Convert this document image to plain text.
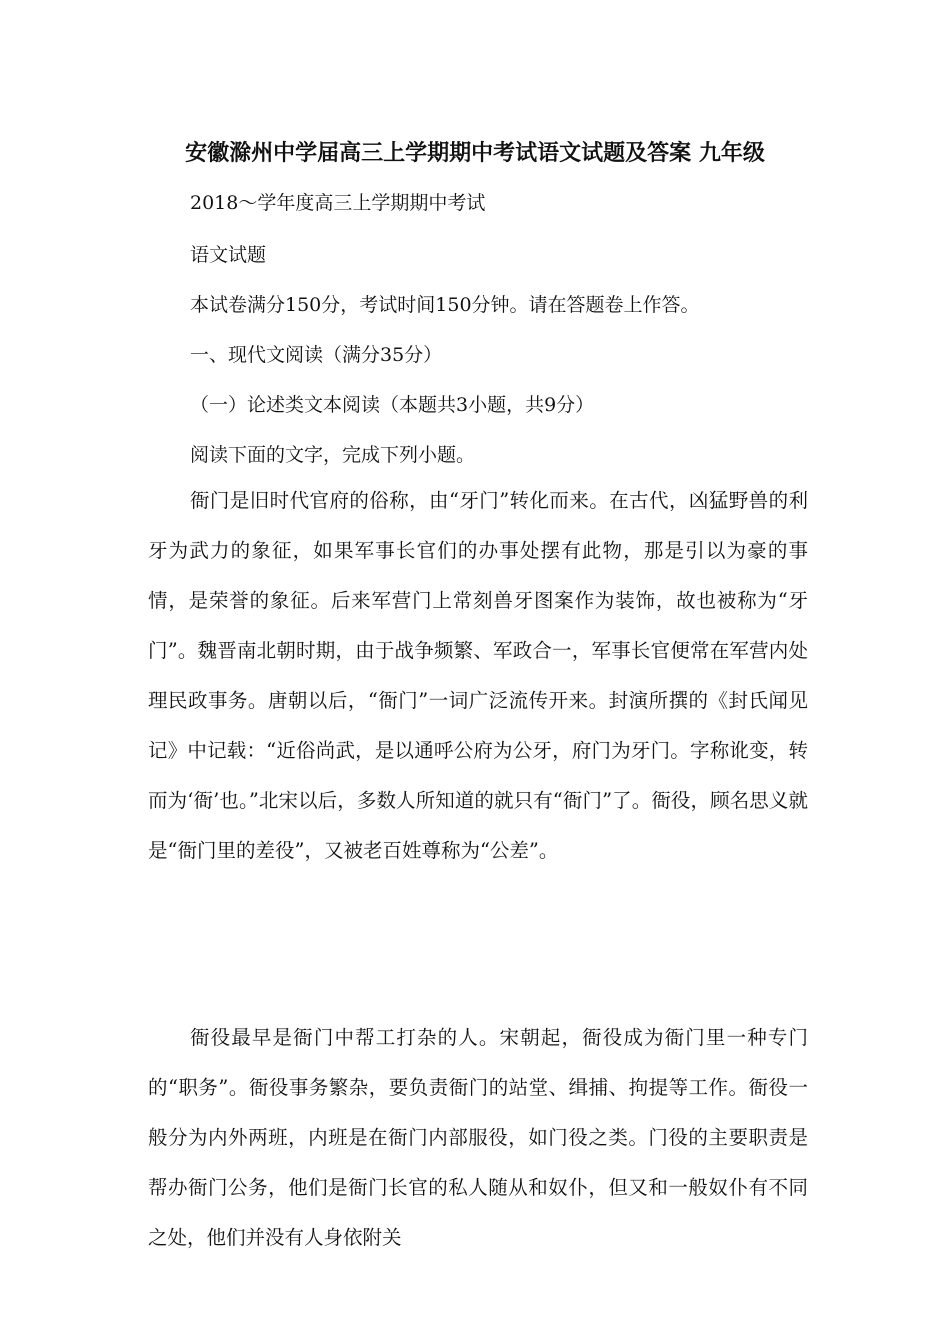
安徽滁州中学届高三上学期期中考试语文试题及答案 九年级
2018～学年度高三上学期期中考试
语文试题
本试卷满分150分，考试时间150分钟。请在答题卷上作答。
一、现代文阅读（满分35分）
（一）论述类文本阅读（本题共3小题，共9分）
阅读下面的文字，完成下列小题。

衙门是旧时代官府的俗称，由“牙门”转化而来。在古代，凶猛野兽的利牙为武力的象征，如果军事长官们的办事处摆有此物，那是引以为豪的事情，是荣誉的象征。后来军营门上常刻兽牙图案作为装饰，故也被称为“牙门”。魏晋南北朝时期，由于战争频繁、军政合一，军事长官便常在军营内处理民政事务。唐朝以后，“衙门”一词广泛流传开来。封演所撰的《封氏闻见记》中记载：“近俗尚武，是以通呼公府为公牙，府门为牙门。字称讹变，转而为‘衙’也。”北宋以后，多数人所知道的就只有“衙门”了。衙役，顾名思义就是“衙门里的差役”，又被老百姓尊称为“公差”。

衙役最早是衙门中帮工打杂的人。宋朝起，衙役成为衙门里一种专门的“职务”。衙役事务繁杂，要负责衙门的站堂、缉捕、拘提等工作。衙役一般分为内外两班，内班是在衙门内部服役，如门役之类。门役的主要职责是帮办衙门公务，他们是衙门长官的私人随从和奴仆，但又和一般奴仆有不同之处，他们并没有人身依附关
